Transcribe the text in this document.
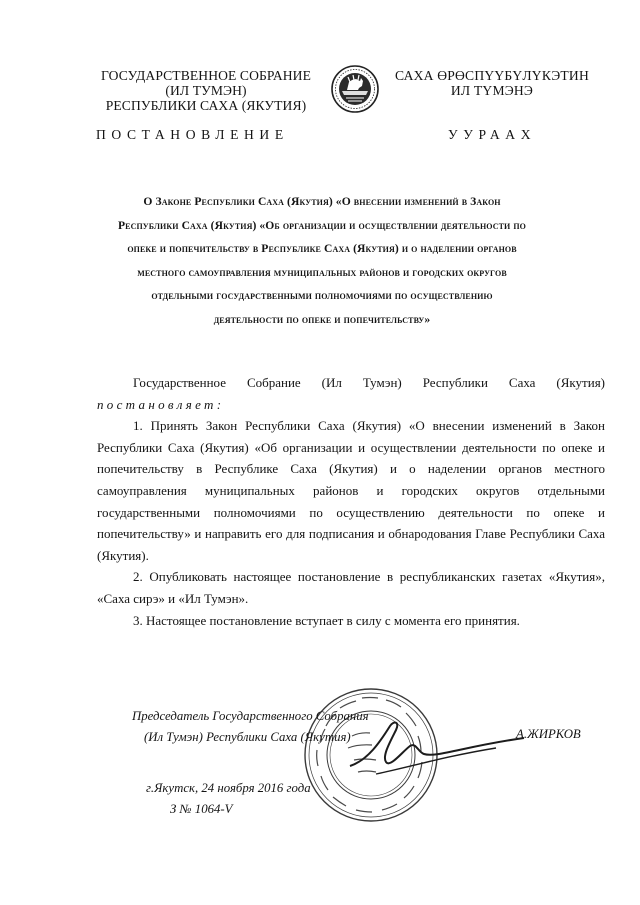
ГОСУДАРСТВЕННОЕ СОБРАНИЕ
(ИЛ ТУМЭН)
РЕСПУБЛИКИ САХА (ЯКУТИЯ)
САХА ӨРӨСПҮҮБҮЛҮКЭТИН
ИЛ ТҮМЭНЭ
ПОСТАНОВЛЕНИЕ	УУРААХ
О Законе Республики Саха (Якутия) «О внесении изменений в Закон
Республики Саха (Якутия) «Об организации и осуществлении деятельности по
опеке и попечительству в Республике Саха (Якутия) и о наделении органов
местного самоуправления муниципальных районов и городских округов
отдельными государственными полномочиями по осуществлению
деятельности по опеке и попечительству»

Государственное Собрание (Ил Тумэн) Республики Саха (Якутия)

постановляет:

1. Принять Закон Республики Саха (Якутия) «О внесении изменений в Закон Республики Саха (Якутия) «Об организации и осуществлении деятельности по опеке и попечительству в Республике Саха (Якутия) и о наделении органов местного самоуправления муниципальных районов и городских округов отдельными государственными полномочиями по осуществлению деятельности по опеке и попечительству» и направить его для подписания и обнародования Главе Республики Саха (Якутия).

2. Опубликовать настоящее постановление в республиканских газетах «Якутия», «Саха сирэ» и «Ил Тумэн».

3. Настоящее постановление вступает в силу с момента его принятия.

Председатель Государственного Собрания
(Ил Тумэн) Республики Саха (Якутия)	А.ЖИРКОВ
г.Якутск, 24 ноября 2016 года
З № 1064-V
